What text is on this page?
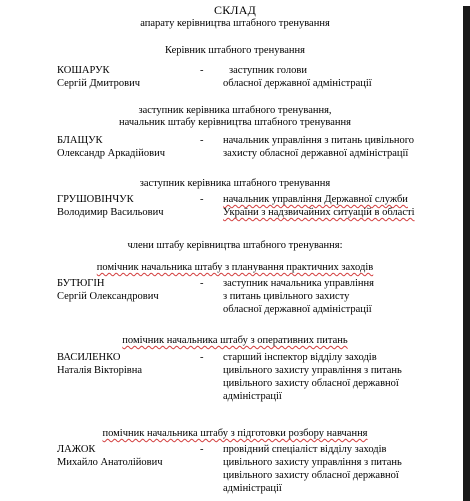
СКЛАД
апарату керівництва штабного тренування
Керівник штабного тренування
КОШАРУК
Сергій Дмитрович
- заступник голови
обласної державної адміністрації
заступник керівника штабного тренування,
начальник штабу керівництва штабного тренування
БЛАЩУК
Олександр Аркадійович
- начальник управління з питань цивільного
захисту обласної державної адміністрації
заступник керівника штабного тренування
ГРУШОВІНЧУК
Володимир Васильович
- начальник управління Державної служби
України з надзвичайних ситуацій в області
члени штабу керівництва штабного тренування:
помічник начальника штабу з планування практичних заходів
БУТЮГІН
Сергій Олександрович
- заступник начальника управління
з питань цивільного захисту
обласної державної адміністрації
помічник начальника штабу з оперативних питань
ВАСИЛЕНКО
Наталія Вікторівна
- старший інспектор відділу заходів
цивільного захисту управління з питань
цивільного захисту обласної державної
адміністрації
помічник начальника штабу з підготовки розбору навчання
ЛАЖОК
Михайло Анатолійович
- провідний спеціаліст відділу заходів
цивільного захисту управління з питань
цивільного захисту обласної державної
адміністрації
